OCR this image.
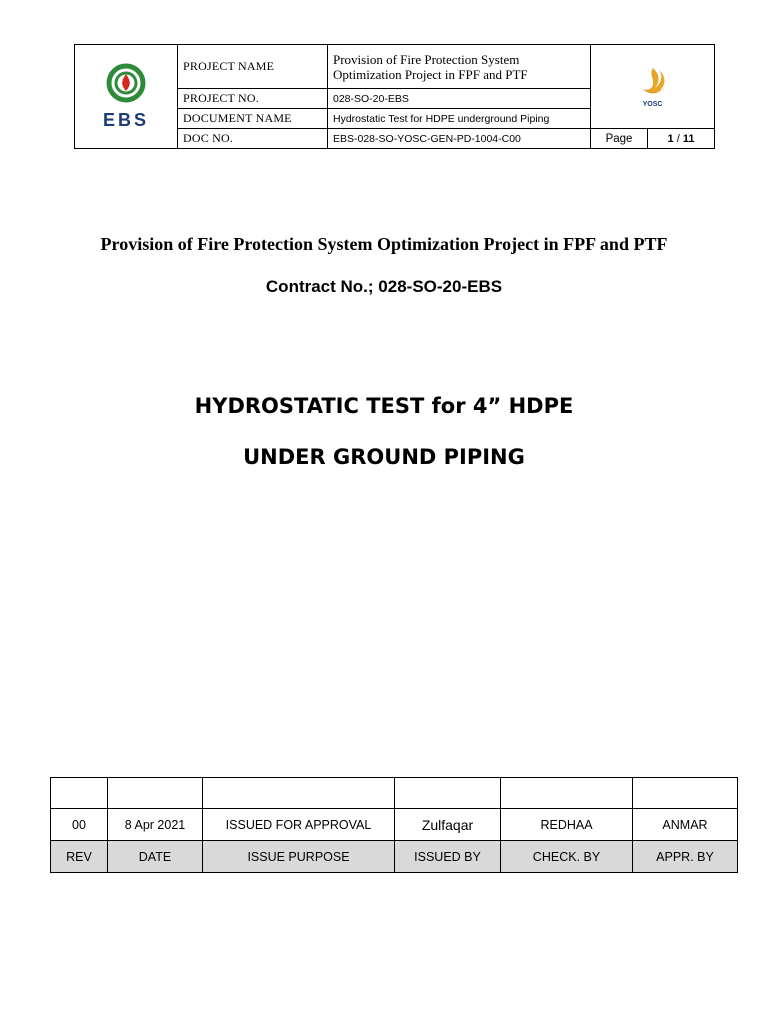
EBS	PROJECT NAME	Provision of Fire Protection System Optimization Project in FPF and PTF	YOSC	

	PROJECT NO.	028-SO-20-EBS		
	DOCUMENT NAME	Hydrostatic Test for HDPE underground Piping		
	DOC NO.	EBS-028-SO-YOSC-GEN-PD-1004-C00	Page	1 / 11
Provision of Fire Protection System Optimization Project in FPF and PTF
Contract No.; 028-SO-20-EBS
HYDROSTATIC TEST for 4” HDPE
UNDER GROUND PIPING

00	8 Apr 2021	ISSUED FOR APPROVAL	Zulfaqar	REDHAA	ANMAR
REV	DATE	ISSUE PURPOSE	ISSUED BY	CHECK. BY	APPR. BY
